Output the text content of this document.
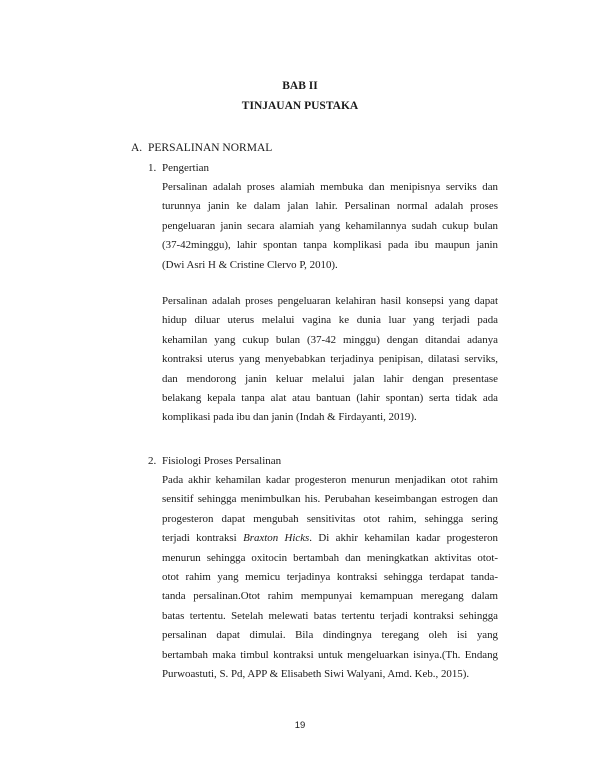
BAB II
TINJAUAN PUSTAKA
A. PERSALINAN NORMAL
1. Pengertian
Persalinan adalah proses alamiah membuka dan menipisnya serviks dan
turunnya janin ke dalam jalan lahir. Persalinan normal adalah proses
pengeluaran janin secara alamiah yang kehamilannya sudah cukup bulan
(37-42minggu), lahir spontan tanpa komplikasi pada ibu maupun janin
(Dwi Asri H & Cristine Clervo P, 2010).
Persalinan adalah proses pengeluaran kelahiran hasil konsepsi yang dapat
hidup diluar uterus melalui vagina ke dunia luar yang terjadi pada
kehamilan yang cukup bulan (37-42 minggu) dengan ditandai adanya
kontraksi uterus yang menyebabkan terjadinya penipisan, dilatasi serviks,
dan mendorong janin keluar melalui jalan lahir dengan presentase
belakang kepala tanpa alat atau bantuan (lahir spontan) serta tidak ada
komplikasi pada ibu dan janin (Indah & Firdayanti, 2019).
2. Fisiologi Proses Persalinan
Pada akhir kehamilan kadar progesteron menurun menjadikan otot rahim
sensitif sehingga menimbulkan his. Perubahan keseimbangan estrogen dan
progesteron dapat mengubah sensitivitas otot rahim, sehingga sering
terjadi kontraksi Braxton Hicks. Di akhir kehamilan kadar progesteron
menurun sehingga oxitocin bertambah dan meningkatkan aktivitas otot-
otot rahim yang memicu terjadinya kontraksi sehingga terdapat tanda-
tanda persalinan.Otot rahim mempunyai kemampuan meregang dalam
batas tertentu. Setelah melewati batas tertentu terjadi kontraksi sehingga
persalinan dapat dimulai. Bila dindingnya teregang oleh isi yang
bertambah maka timbul kontraksi untuk mengeluarkan isinya.(Th. Endang
Purwoastuti, S. Pd, APP & Elisabeth Siwi Walyani, Amd. Keb., 2015).
19
